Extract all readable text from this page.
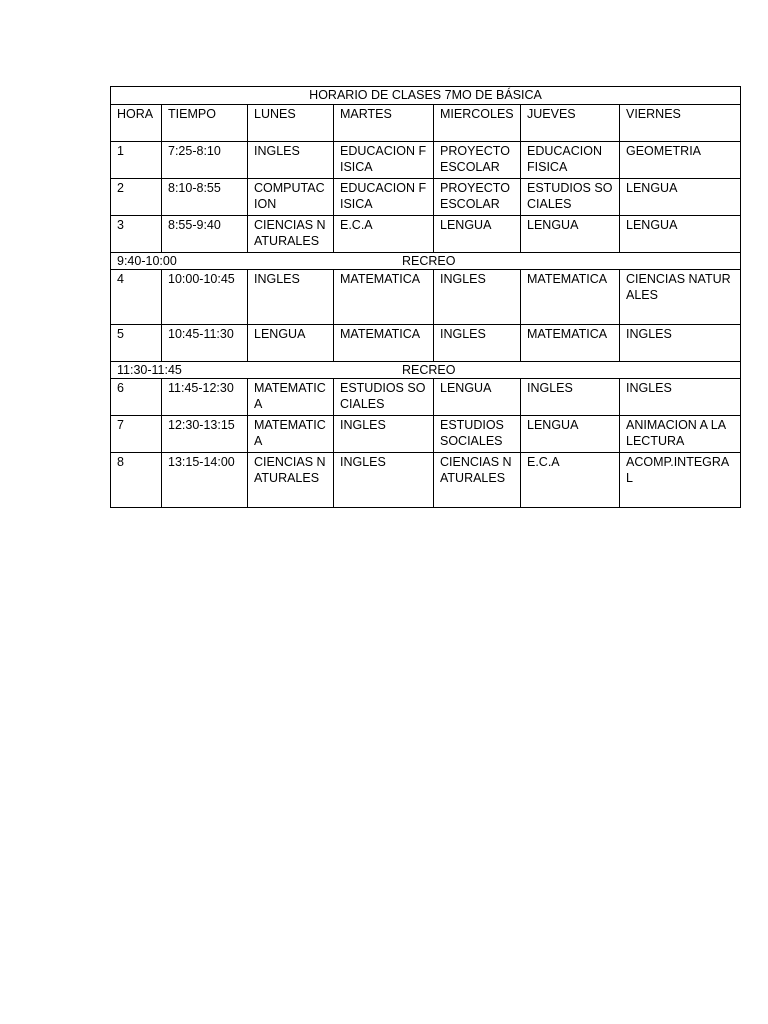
HORARIO DE CLASES 7MO DE BÁSICA						
HORA	TIEMPO	LUNES	MARTES	MIERCOLES	JUEVES	VIERNES
1	7:25-8:10	INGLES	EDUCACION FISICA	PROYECTO ESCOLAR	EDUCACION FISICA	GEOMETRIA
2	8:10-8:55	COMPUTACION	EDUCACION FISICA	PROYECTO ESCOLAR	ESTUDIOS SOCIALES	LENGUA
3	8:55-9:40	CIENCIAS NATURALES	E.C.A	LENGUA	LENGUA	LENGUA

9:40-10:00 RECREO						

4	10:00-10:45	INGLES	MATEMATICA	INGLES	MATEMATICA	CIENCIAS NATURALES
5	10:45-11:30	LENGUA	MATEMATICA	INGLES	MATEMATICA	INGLES

11:30-11:45 RECREO						

6	11:45-12:30	MATEMATICA	ESTUDIOS SOCIALES	LENGUA	INGLES	INGLES
7	12:30-13:15	MATEMATICA	INGLES	ESTUDIOS SOCIALES	LENGUA	ANIMACION A LA LECTURA
8	13:15-14:00	CIENCIAS NATURALES	INGLES	CIENCIAS NATURALES	E.C.A	ACOMP.INTEGRAL
